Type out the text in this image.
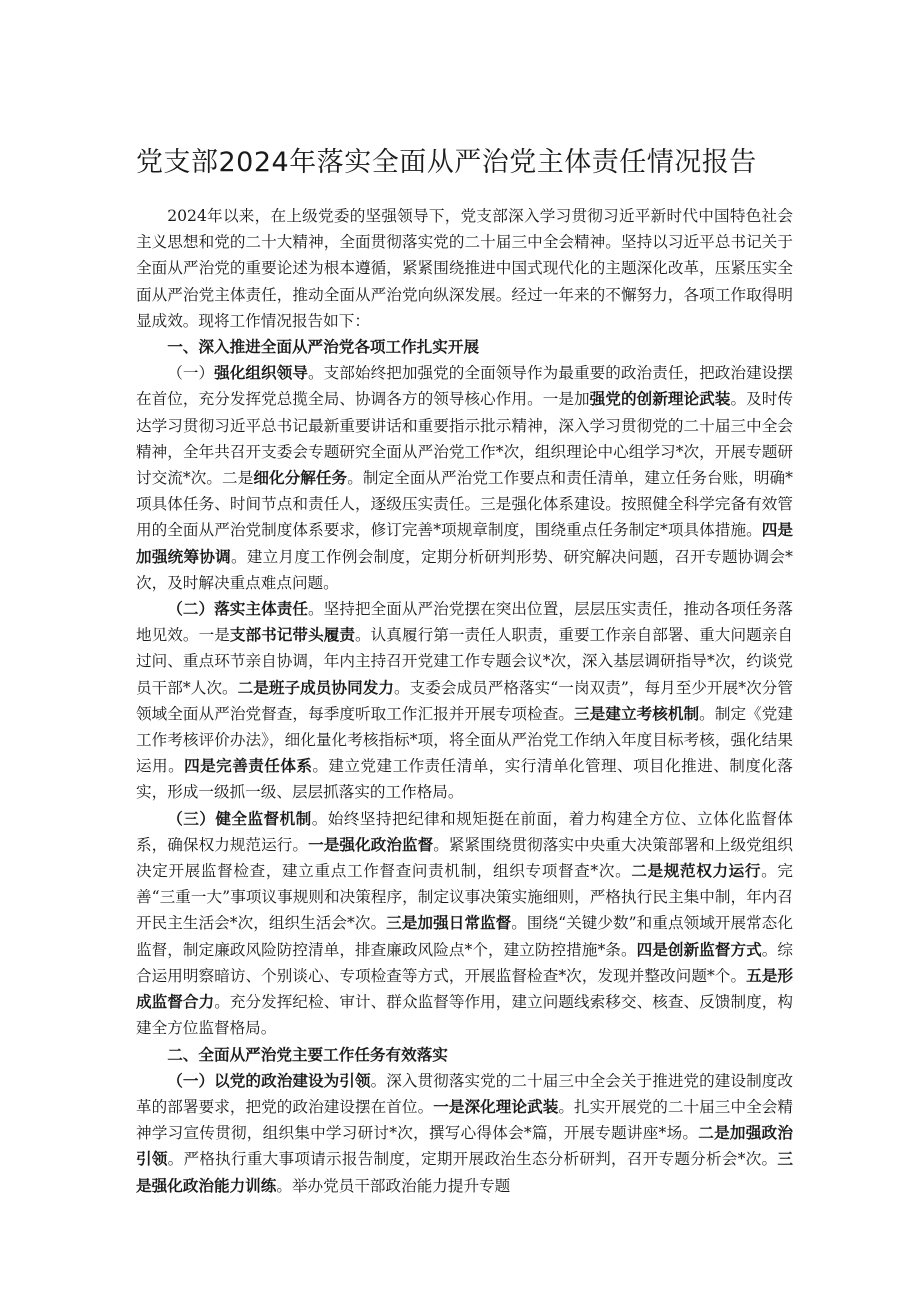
党支部2024年落实全面从严治党主体责任情况报告

2024年以来，在上级党委的坚强领导下，党支部深入学习贯彻习近平新时代中国特色社会主义思想和党的二十大精神，全面贯彻落实党的二十届三中全会精神。坚持以习近平总书记关于全面从严治党的重要论述为根本遵循，紧紧围绕推进中国式现代化的主题深化改革，压紧压实全面从严治党主体责任，推动全面从严治党向纵深发展。经过一年来的不懈努力，各项工作取得明显成效。现将工作情况报告如下：

一、深入推进全面从严治党各项工作扎实开展

（一）强化组织领导。支部始终把加强党的全面领导作为最重要的政治责任，把政治建设摆在首位，充分发挥党总揽全局、协调各方的领导核心作用。一是加强党的创新理论武装。及时传达学习贯彻习近平总书记最新重要讲话和重要指示批示精神，深入学习贯彻党的二十届三中全会精神，全年共召开支委会专题研究全面从严治党工作*次，组织理论中心组学习*次，开展专题研讨交流*次。二是细化分解任务。制定全面从严治党工作要点和责任清单，建立任务台账，明确*项具体任务、时间节点和责任人，逐级压实责任。三是强化体系建设。按照健全科学完备有效管用的全面从严治党制度体系要求，修订完善*项规章制度，围绕重点任务制定*项具体措施。四是加强统筹协调。建立月度工作例会制度，定期分析研判形势、研究解决问题，召开专题协调会*次，及时解决重点难点问题。

（二）落实主体责任。坚持把全面从严治党摆在突出位置，层层压实责任，推动各项任务落地见效。一是支部书记带头履责。认真履行第一责任人职责，重要工作亲自部署、重大问题亲自过问、重点环节亲自协调，年内主持召开党建工作专题会议*次，深入基层调研指导*次，约谈党员干部*人次。二是班子成员协同发力。支委会成员严格落实“一岗双责”，每月至少开展*次分管领域全面从严治党督查，每季度听取工作汇报并开展专项检查。三是建立考核机制。制定《党建工作考核评价办法》，细化量化考核指标*项，将全面从严治党工作纳入年度目标考核，强化结果运用。四是完善责任体系。建立党建工作责任清单，实行清单化管理、项目化推进、制度化落实，形成一级抓一级、层层抓落实的工作格局。

（三）健全监督机制。始终坚持把纪律和规矩挺在前面，着力构建全方位、立体化监督体系，确保权力规范运行。一是强化政治监督。紧紧围绕贯彻落实中央重大决策部署和上级党组织决定开展监督检查，建立重点工作督查问责机制，组织专项督查*次。二是规范权力运行。完善“三重一大”事项议事规则和决策程序，制定议事决策实施细则，严格执行民主集中制，年内召开民主生活会*次，组织生活会*次。三是加强日常监督。围绕“关键少数”和重点领域开展常态化监督，制定廉政风险防控清单，排查廉政风险点*个，建立防控措施*条。四是创新监督方式。综合运用明察暗访、个别谈心、专项检查等方式，开展监督检查*次，发现并整改问题*个。五是形成监督合力。充分发挥纪检、审计、群众监督等作用，建立问题线索移交、核查、反馈制度，构建全方位监督格局。

二、全面从严治党主要工作任务有效落实

（一）以党的政治建设为引领。深入贯彻落实党的二十届三中全会关于推进党的建设制度改革的部署要求，把党的政治建设摆在首位。一是深化理论武装。扎实开展党的二十届三中全会精神学习宣传贯彻，组织集中学习研讨*次，撰写心得体会*篇，开展专题讲座*场。二是加强政治引领。严格执行重大事项请示报告制度，定期开展政治生态分析研判，召开专题分析会*次。三是强化政治能力训练。举办党员干部政治能力提升专题
